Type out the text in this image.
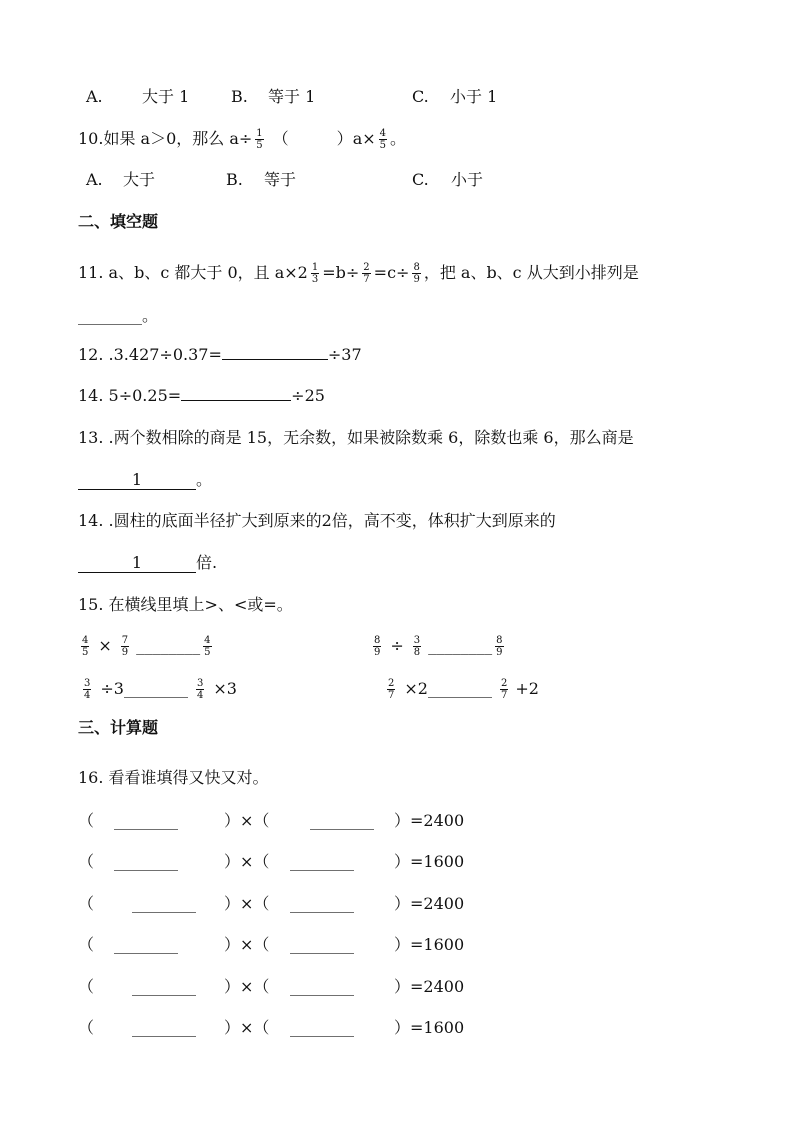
A. 大于 1	B. 等于 1	C. 小于 1
10.如果 a＞0，那么 $a\div \frac{1}{5}$ （　　　）$a\times \frac{4}{5}$ 。
A. 大于	B. 等于	C. 小于
二、填空题
11. a、b、c 都大于 0，且 $a\times 2 \frac{1}{3} =b\div \frac{2}{7} =c\div \frac{8}{9}$ ，把 a、b、c 从大到小排列是
________。
12. .3.427÷0.37=	÷37
14. 5÷0.25=	÷25
13. .两个数相除的商是 15，无余数，如果被除数乘 6，除数也乘 6，那么商是
1	。
14. .圆柱的底面半径扩大到原来的2倍，高不变，体积扩大到原来的
1	倍.
15. 在横线里填上>、<或=。
$\frac{4}{5} \times \frac{7}{9}$ ________ $\frac{4}{5}$	$\frac{8}{9} \div \frac{3}{8}$ ________ $\frac{8}{9}$
$\frac{3}{4}$ ÷3________ $\frac{3}{4} \times 3$	$\frac{2}{7}$ ×2________ $\frac{2}{7} +2$
三、计算题
16. 看看谁填得又快又对。
（ ________	）×（	________ ）=2400
（ ________	）×（ ________	）=1600
（ ________ ）×（ ________	）=2400
（ ________	）×（ ________	）=1600
（ ________ ）×（ ________	）=2400
（ ________ ）×（ ________	）=1600
